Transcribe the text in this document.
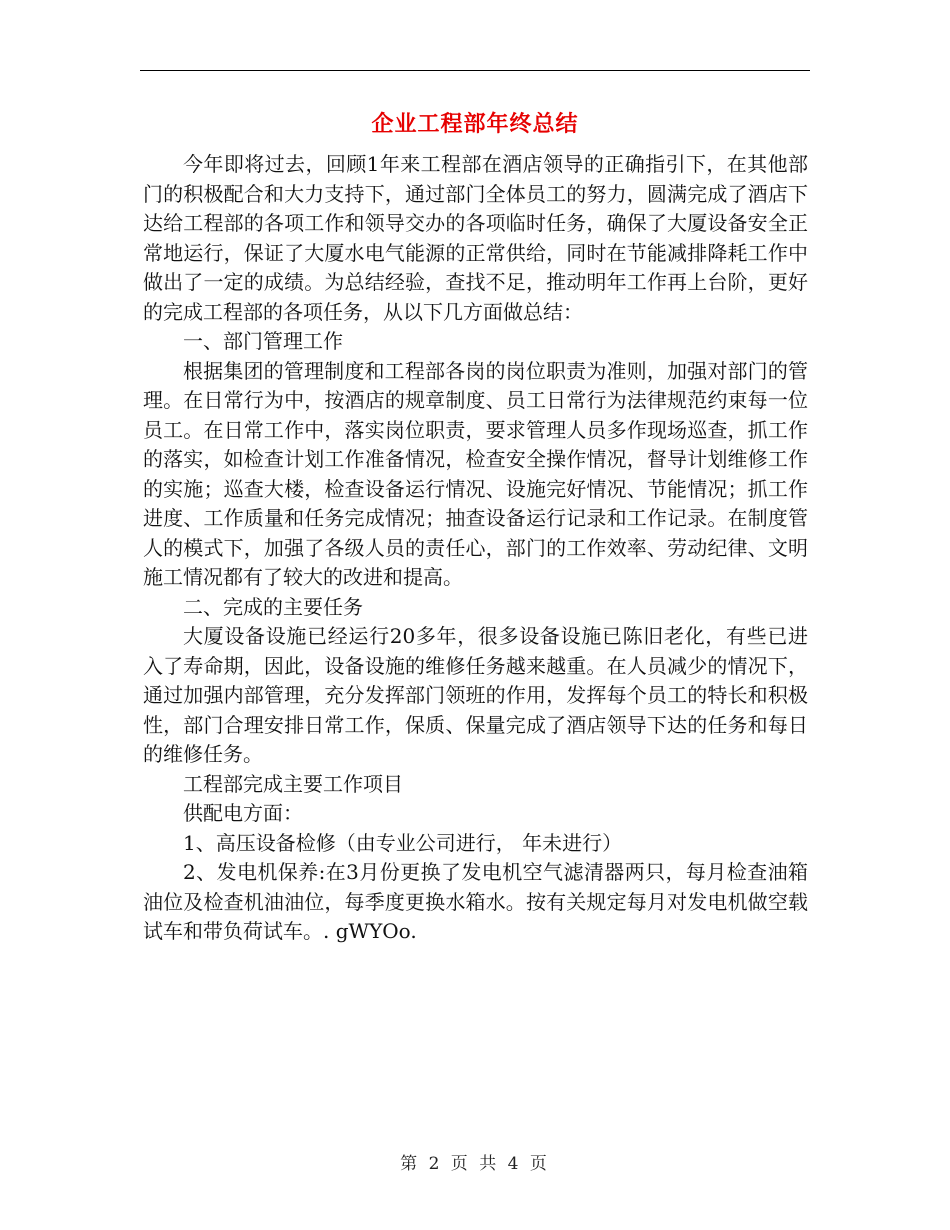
企业工程部年终总结

今年即将过去，回顾1年来工程部在酒店领导的正确指引下，在其他部门的积极配合和大力支持下，通过部门全体员工的努力，圆满完成了酒店下达给工程部的各项工作和领导交办的各项临时任务，确保了大厦设备安全正常地运行，保证了大厦水电气能源的正常供给，同时在节能减排降耗工作中做出了一定的成绩。为总结经验，查找不足，推动明年工作再上台阶，更好的完成工程部的各项任务，从以下几方面做总结：

一、部门管理工作

根据集团的管理制度和工程部各岗的岗位职责为准则，加强对部门的管理。在日常行为中，按酒店的规章制度、员工日常行为法律规范约束每一位员工。在日常工作中，落实岗位职责，要求管理人员多作现场巡查，抓工作的落实，如检查计划工作准备情况，检查安全操作情况，督导计划维修工作的实施；巡查大楼，检查设备运行情况、设施完好情况、节能情况；抓工作进度、工作质量和任务完成情况；抽查设备运行记录和工作记录。在制度管人的模式下，加强了各级人员的责任心，部门的工作效率、劳动纪律、文明施工情况都有了较大的改进和提高。

二、完成的主要任务

大厦设备设施已经运行20多年，很多设备设施已陈旧老化，有些已进入了寿命期，因此，设备设施的维修任务越来越重。在人员减少的情况下，通过加强内部管理，充分发挥部门领班的作用，发挥每个员工的特长和积极性，部门合理安排日常工作，保质、保量完成了酒店领导下达的任务和每日的维修任务。

工程部完成主要工作项目

供配电方面：

1、高压设备检修（由专业公司进行， 年未进行）

2、发电机保养:在3月份更换了发电机空气滤清器两只，每月检查油箱油位及检查机油油位，每季度更换水箱水。按有关规定每月对发电机做空载试车和带负荷试车。. gWYOo.

第 2 页 共 4 页
